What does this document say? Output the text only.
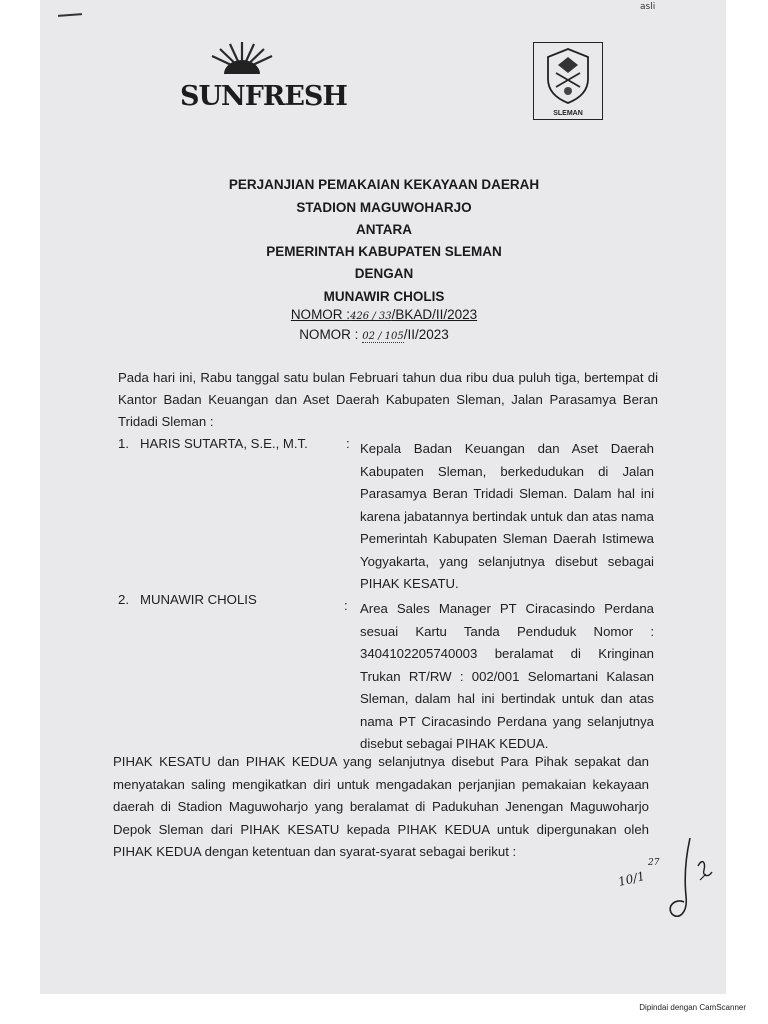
asli
SUNFRESH
SLEMAN
PERJANJIAN PEMAKAIAN KEKAYAAN DAERAH
STADION MAGUWOHARJO
ANTARA
PEMERINTAH KABUPATEN SLEMAN
DENGAN
MUNAWIR CHOLIS
NOMOR :426 / 33/BKAD/II/2023
NOMOR : 02 / 105/II/2023
Pada hari ini, Rabu tanggal satu bulan Februari tahun dua ribu dua puluh tiga, bertempat di Kantor Badan Keuangan dan Aset Daerah Kabupaten Sleman, Jalan Parasamya Beran Tridadi Sleman :
1. HARIS SUTARTA, S.E., M.T.	: Kepala Badan Keuangan dan Aset Daerah Kabupaten Sleman, berkedudukan di Jalan Parasamya Beran Tridadi Sleman. Dalam hal ini karena jabatannya bertindak untuk dan atas nama Pemerintah Kabupaten Sleman Daerah Istimewa Yogyakarta, yang selanjutnya disebut sebagai PIHAK KESATU.
2. MUNAWIR CHOLIS	: Area Sales Manager PT Ciracasindo Perdana sesuai Kartu Tanda Penduduk Nomor : 3404102205740003 beralamat di Kringinan Trukan RT/RW : 002/001 Selomartani Kalasan Sleman, dalam hal ini bertindak untuk dan atas nama PT Ciracasindo Perdana yang selanjutnya disebut sebagai PIHAK KEDUA.
PIHAK KESATU dan PIHAK KEDUA yang selanjutnya disebut Para Pihak sepakat dan menyatakan saling mengikatkan diri untuk mengadakan perjanjian pemakaian kekayaan daerah di Stadion Maguwoharjo yang beralamat di Padukuhan Jenengan Maguwoharjo Depok Sleman dari PIHAK KESATU kepada PIHAK KEDUA untuk dipergunakan oleh PIHAK KEDUA dengan ketentuan dan syarat-syarat sebagai berikut :
27
10/1
Dipindai dengan CamScanner
